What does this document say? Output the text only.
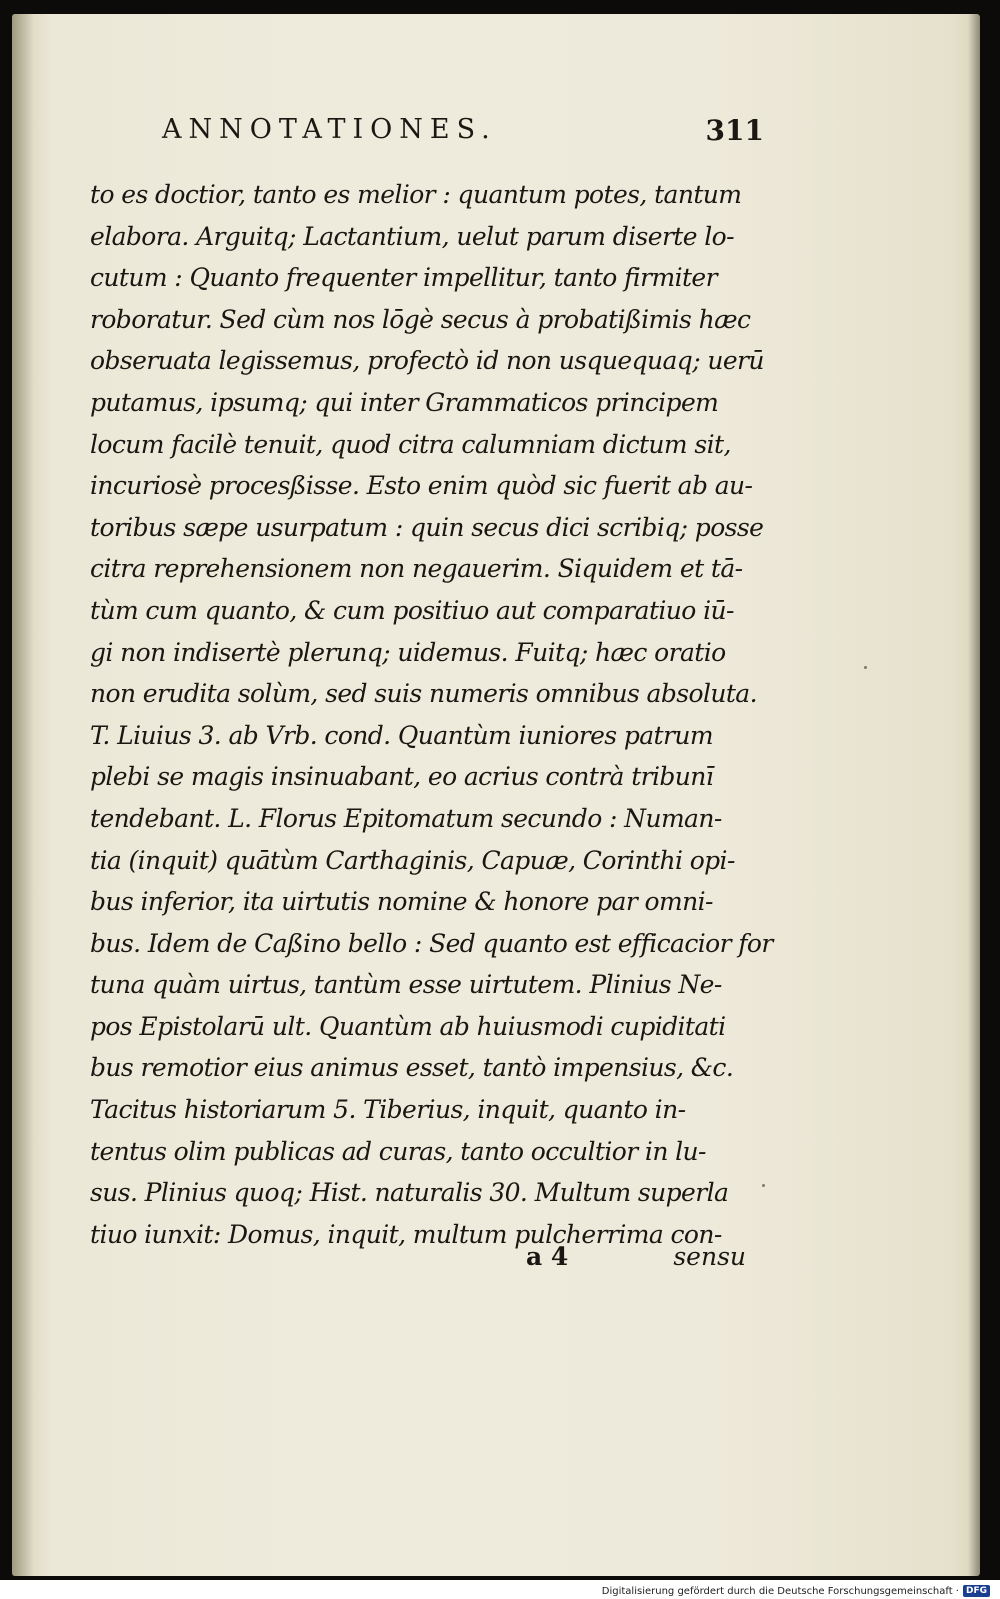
ANNOTATIONES.	311
to es doctior, tanto es melior : quantum potes, tantum
elabora. Arguitq; Lactantium, uelut parum diserte lo-
cutum : Quanto frequenter impellitur, tanto firmiter
roboratur. Sed cùm nos lōgè secus à probatißimis hæc
obseruata legissemus, profectò id non usquequaq; uerū
putamus, ipsumq; qui inter Grammaticos principem
locum facilè tenuit, quod citra calumniam dictum sit,
incuriosè procesßisse. Esto enim quòd sic fuerit ab au-
toribus sæpe usurpatum : quin secus dici scribiq; posse
citra reprehensionem non negauerim. Siquidem et tā-
tùm cum quanto, & cum positiuo aut comparatiuo iū-
gi non indisertè plerunq; uidemus. Fuitq; hæc oratio
non erudita solùm, sed suis numeris omnibus absoluta.
T. Liuius 3. ab Vrb. cond. Quantùm iuniores patrum
plebi se magis insinuabant, eo acrius contrà tribunī
tendebant. L. Florus Epitomatum secundo : Numan-
tia (inquit) quātùm Carthaginis, Capuæ, Corinthi opi-
bus inferior, ita uirtutis nomine & honore par omni-
bus. Idem de Caßino bello : Sed quanto est efficacior for
tuna quàm uirtus, tantùm esse uirtutem. Plinius Ne-
pos Epistolarū ult. Quantùm ab huiusmodi cupiditati
bus remotior eius animus esset, tantò impensius, &c.
Tacitus historiarum 5. Tiberius, inquit, quanto in-
tentus olim publicas ad curas, tanto occultior in lu-
sus. Plinius quoq; Hist. naturalis 30. Multum superla
tiuo iunxit: Domus, inquit, multum pulcherrima con-
a 4	sensu
Digitalisierung gefördert durch die Deutsche Forschungsgemeinschaft · DFG
